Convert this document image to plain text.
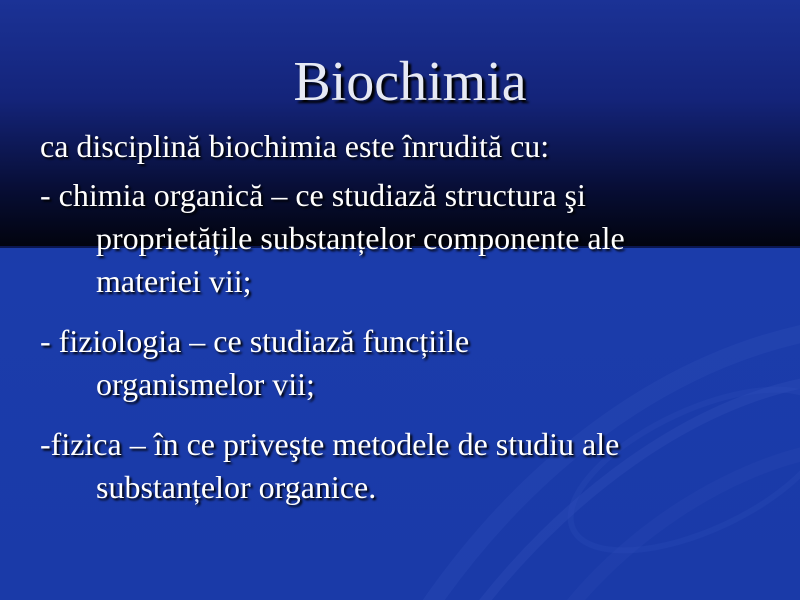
Biochimia
ca disciplină biochimia este înrudită cu:
- chimia organică – ce studiază structura şi
proprietățile substanțelor componente ale
materiei vii;
- fiziologia – ce studiază funcțiile
organismelor vii;
-fizica – în ce priveşte metodele de studiu ale
substanțelor organice.
